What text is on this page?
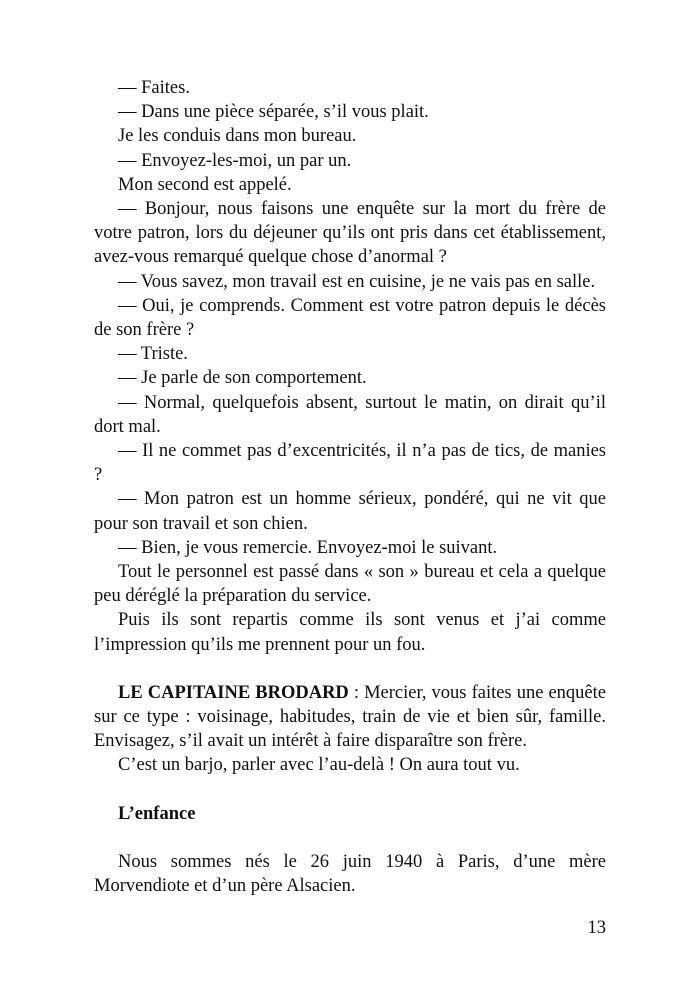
— Faites.

— Dans une pièce séparée, s’il vous plait.

Je les conduis dans mon bureau.

— Envoyez-les-moi, un par un.

Mon second est appelé.

— Bonjour, nous faisons une enquête sur la mort du frère de votre patron, lors du déjeuner qu’ils ont pris dans cet établissement, avez-vous remarqué quelque chose d’anormal ?

— Vous savez, mon travail est en cuisine, je ne vais pas en salle.

— Oui, je comprends. Comment est votre patron depuis le décès de son frère ?

— Triste.

— Je parle de son comportement.

— Normal, quelquefois absent, surtout le matin, on dirait qu’il dort mal.

— Il ne commet pas d’excentricités, il n’a pas de tics, de manies ?

— Mon patron est un homme sérieux, pondéré, qui ne vit que pour son travail et son chien.

— Bien, je vous remercie. Envoyez-moi le suivant.

Tout le personnel est passé dans « son » bureau et cela a quelque peu déréglé la préparation du service.

Puis ils sont repartis comme ils sont venus et j’ai comme l’impression qu’ils me prennent pour un fou.

LE CAPITAINE BRODARD : Mercier, vous faites une enquête sur ce type : voisinage, habitudes, train de vie et bien sûr, famille. Envisagez, s’il avait un intérêt à faire disparaître son frère.

C’est un barjo, parler avec l’au-delà ! On aura tout vu.

L’enfance

Nous sommes nés le 26 juin 1940 à Paris, d’une mère Morvendiote et d’un père Alsacien.

13
